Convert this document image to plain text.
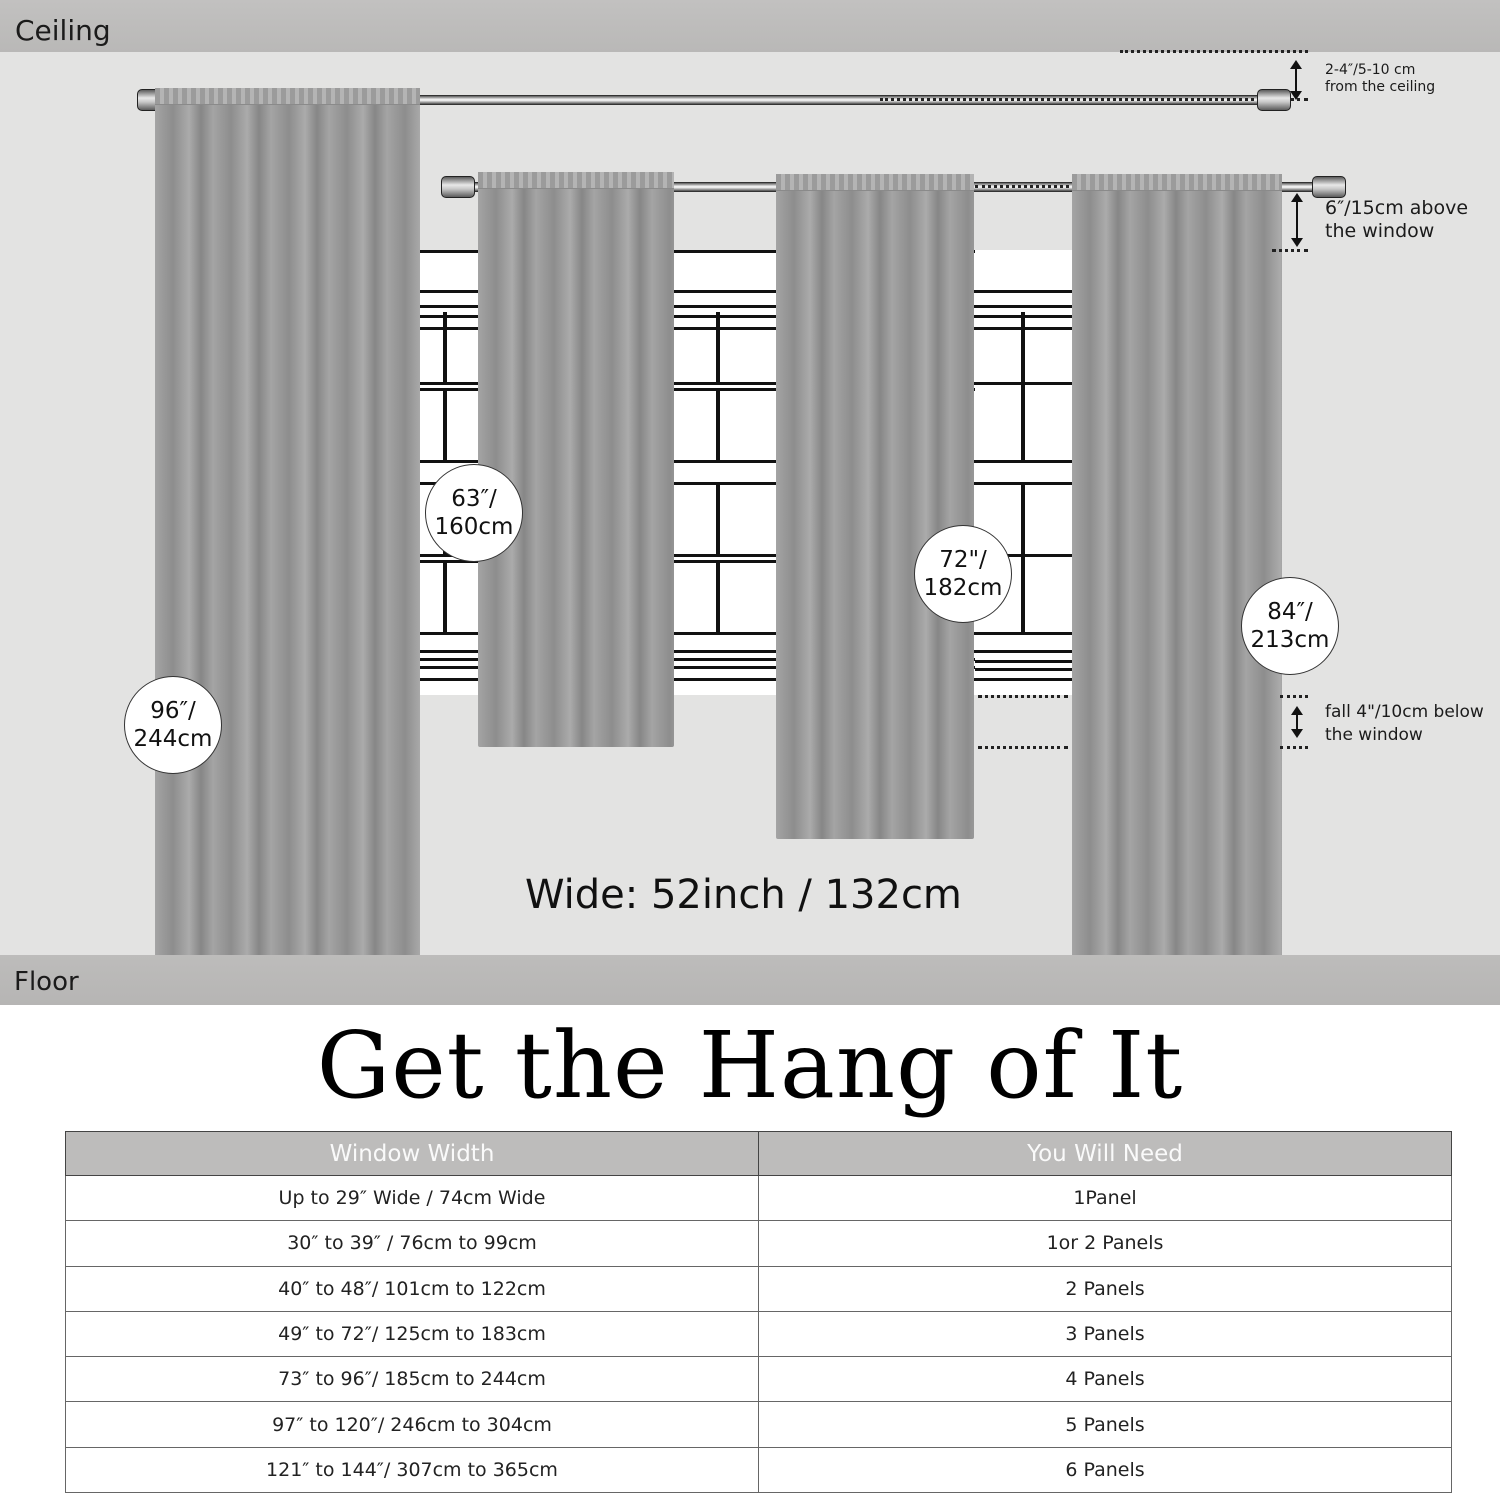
Ceiling
96″/
244cm
63″/
160cm
72"/
182cm
84″/
213cm
2-4″/5-10 cm
from the ceiling
6″/15cm above
the window
fall 4"/10cm below
the window
Wide: 52inch / 132cm
Floor
Get the Hang of It
Window Width	You Will Need
Up to 29″ Wide / 74cm Wide	1Panel
30″ to 39″ / 76cm to 99cm	1or 2 Panels
40″ to 48″/ 101cm to 122cm	2 Panels
49″ to 72″/ 125cm to 183cm	3 Panels
73″ to 96″/ 185cm to 244cm	4 Panels
97″ to 120″/ 246cm to 304cm	5 Panels
121″ to 144″/ 307cm to 365cm	6 Panels
